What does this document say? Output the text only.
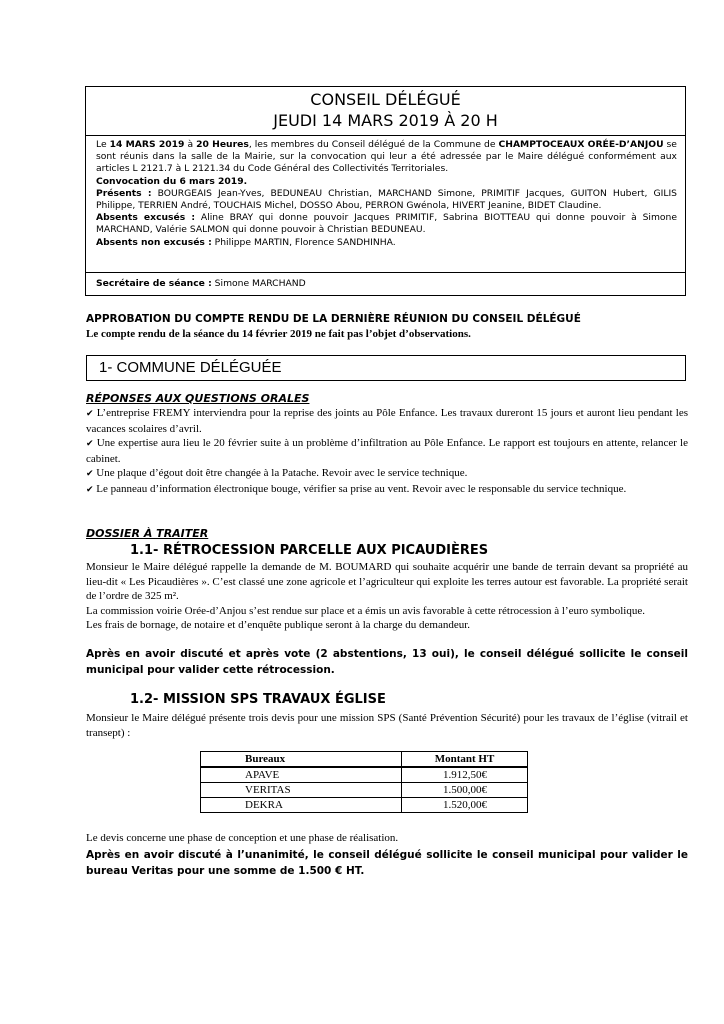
CONSEIL DÉLÉGUÉ
JEUDI 14 MARS 2019 À 20 H

Le 14 MARS 2019 à 20 Heures, les membres du Conseil délégué de la Commune de CHAMPTOCEAUX ORÉE-D’ANJOU se sont réunis dans la salle de la Mairie, sur la convocation qui leur a été adressée par le Maire délégué conformément aux articles L 2121.7 à L 2121.34 du Code Général des Collectivités Territoriales.

Convocation du 6 mars 2019.

Présents : BOURGEAIS Jean-Yves, BEDUNEAU Christian, MARCHAND Simone, PRIMITIF Jacques, GUITON Hubert, GILIS Philippe, TERRIEN André, TOUCHAIS Michel, DOSSO Abou, PERRON Gwénola, HIVERT Jeanine, BIDET Claudine.

Absents excusés : Aline BRAY qui donne pouvoir Jacques PRIMITIF, Sabrina BIOTTEAU qui donne pouvoir à Simone MARCHAND, Valérie SALMON qui donne pouvoir à Christian BEDUNEAU.

Absents non excusés : Philippe MARTIN, Florence SANDHINHA.

Secrétaire de séance : Simone MARCHAND
APPROBATION DU COMPTE RENDU DE LA DERNIÈRE RÉUNION DU CONSEIL DÉLÉGUÉ
Le compte rendu de la séance du 14 février 2019 ne fait pas l’objet d’observations.
1- COMMUNE DÉLÉGUÉE
RÉPONSES AUX QUESTIONS ORALES

✔ L’entreprise FREMY interviendra pour la reprise des joints au Pôle Enfance. Les travaux dureront 15 jours et auront lieu pendant les vacances scolaires d’avril.

✔ Une expertise aura lieu le 20 février suite à un problème d’infiltration au Pôle Enfance. Le rapport est toujours en attente, relancer le cabinet.

✔ Une plaque d’égout doit être changée à la Patache. Revoir avec le service technique.

✔ Le panneau d’information électronique bouge, vérifier sa prise au vent. Revoir avec le responsable du service technique.

DOSSIER À TRAITER
1.1- RÉTROCESSION PARCELLE AUX PICAUDIÈRES

Monsieur le Maire délégué rappelle la demande de M. BOUMARD qui souhaite acquérir une bande de terrain devant sa propriété au lieu-dit « Les Picaudières ». C’est classé une zone agricole et l’agriculteur qui exploite les terres autour est favorable. La propriété serait de l’ordre de 325 m².

La commission voirie Orée-d’Anjou s’est rendue sur place et a émis un avis favorable à cette rétrocession à l’euro symbolique.

Les frais de bornage, de notaire et d’enquête publique seront à la charge du demandeur.

Après en avoir discuté et après vote (2 abstentions, 13 oui), le conseil délégué sollicite le conseil municipal pour valider cette rétrocession.
1.2- MISSION SPS TRAVAUX ÉGLISE
Monsieur le Maire délégué présente trois devis pour une mission SPS (Santé Prévention Sécurité) pour les travaux de l’église (vitrail et transept) :
Bureaux	Montant HT
APAVE	1.912,50€
VERITAS	1.500,00€
DEKRA	1.520,00€
Le devis concerne une phase de conception et une phase de réalisation.
Après en avoir discuté à l’unanimité, le conseil délégué sollicite le conseil municipal pour valider le bureau Veritas pour une somme de 1.500 € HT.
